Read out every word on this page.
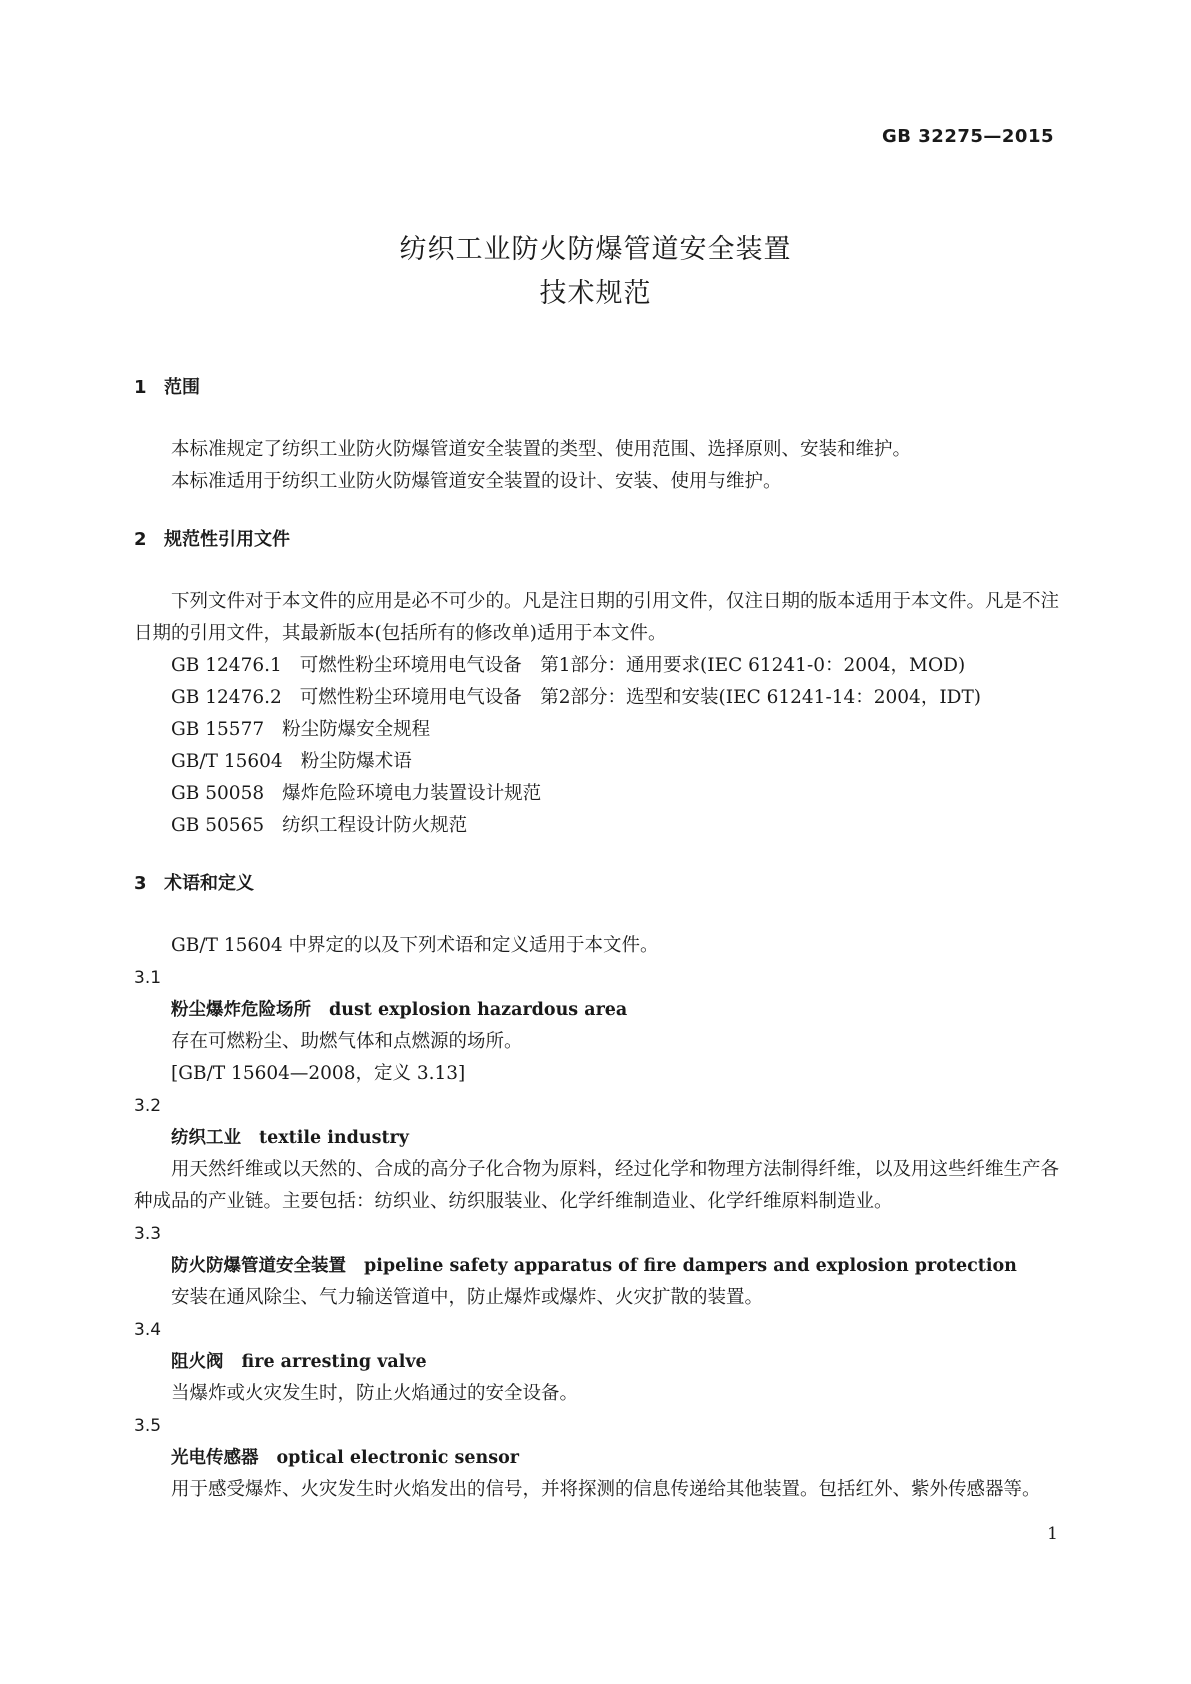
GB 32275—2015
纺织工业防火防爆管道安全装置
技术规范
1 范围

本标准规定了纺织工业防火防爆管道安全装置的类型、使用范围、选择原则、安装和维护。

本标准适用于纺织工业防火防爆管道安全装置的设计、安装、使用与维护。

2 规范性引用文件

下列文件对于本文件的应用是必不可少的。凡是注日期的引用文件，仅注日期的版本适用于本文件。凡是不注日期的引用文件，其最新版本(包括所有的修改单)适用于本文件。

GB 12476.1 可燃性粉尘环境用电气设备　第1部分：通用要求(IEC 61241-0：2004，MOD)
GB 12476.2 可燃性粉尘环境用电气设备　第2部分：选型和安装(IEC 61241-14：2004，IDT)
GB 15577 粉尘防爆安全规程
GB/T 15604 粉尘防爆术语
GB 50058 爆炸危险环境电力装置设计规范
GB 50565 纺织工程设计防火规范
3 术语和定义

GB/T 15604 中界定的以及下列术语和定义适用于本文件。

3.1
粉尘爆炸危险场所 dust explosion hazardous area
存在可燃粉尘、助燃气体和点燃源的场所。
[GB/T 15604—2008，定义 3.13]
3.2
纺织工业 textile industry
用天然纤维或以天然的、合成的高分子化合物为原料，经过化学和物理方法制得纤维，以及用这些纤维生产各种成品的产业链。主要包括：纺织业、纺织服装业、化学纤维制造业、化学纤维原料制造业。
3.3
防火防爆管道安全装置 pipeline safety apparatus of fire dampers and explosion protection
安装在通风除尘、气力输送管道中，防止爆炸或爆炸、火灾扩散的装置。
3.4
阻火阀 fire arresting valve
当爆炸或火灾发生时，防止火焰通过的安全设备。
3.5
光电传感器 optical electronic sensor
用于感受爆炸、火灾发生时火焰发出的信号，并将探测的信息传递给其他装置。包括红外、紫外传感器等。
1
